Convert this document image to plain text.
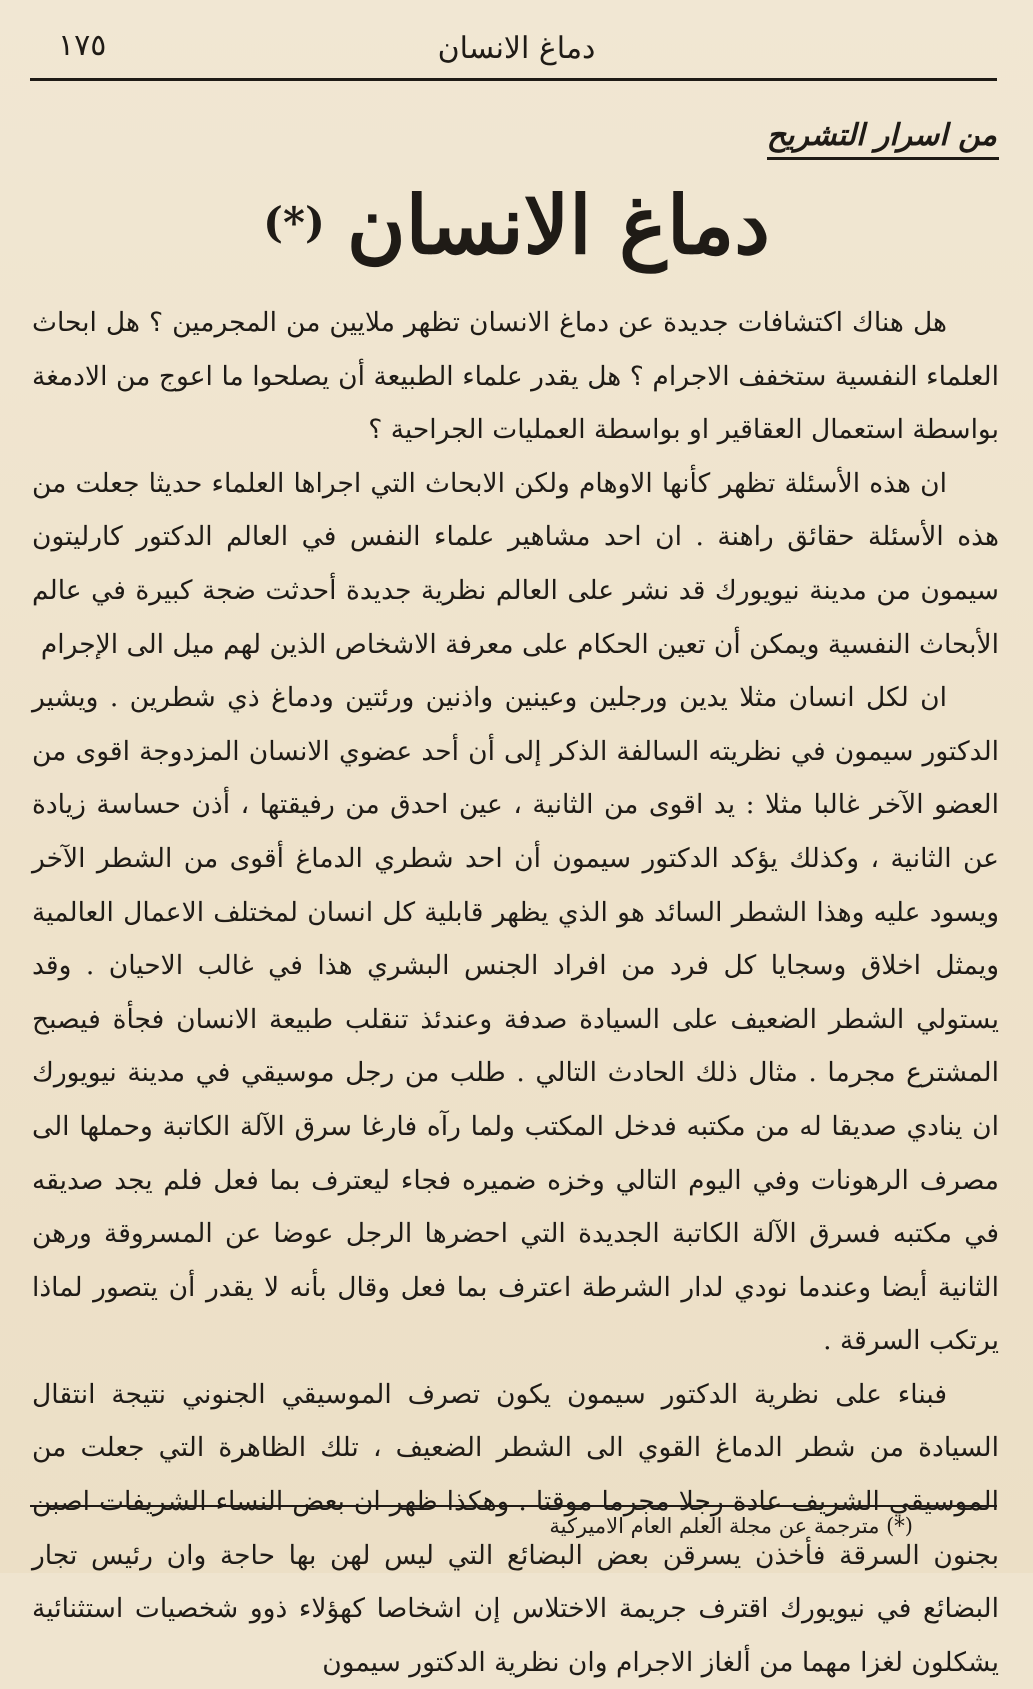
دماغ الانسان
١٧٥
من اسرار التشريح
دماغ الانسان(*)

هل هناك اكتشافات جديدة عن دماغ الانسان تظهر ملايين من المجرمين ؟ هل ابحاث العلماء النفسية ستخفف الاجرام ؟ هل يقدر علماء الطبيعة أن يصلحوا ما اعوج من الادمغة بواسطة استعمال العقاقير او بواسطة العمليات الجراحية ؟

ان هذه الأسئلة تظهر كأنها الاوهام ولكن الابحاث التي اجراها العلماء حديثا جعلت من هذه الأسئلة حقائق راهنة . ان احد مشاهير علماء النفس في العالم الدكتور كارليتون سيمون من مدينة نيويورك قد نشر على العالم نظرية جديدة أحدثت ضجة كبيرة في عالم الأبحاث النفسية ويمكن أن تعين الحكام على معرفة الاشخاص الذين لهم ميل الى الإجرام

ان لكل انسان مثلا يدين ورجلين وعينين واذنين ورئتين ودماغ ذي شطرين . ويشير الدكتور سيمون في نظريته السالفة الذكر إلى أن أحد عضوي الانسان المزدوجة اقوى من العضو الآخر غالبا مثلا : يد اقوى من الثانية ، عين احدق من رفيقتها ، أذن حساسة زيادة عن الثانية ، وكذلك يؤكد الدكتور سيمون أن احد شطري الدماغ أقوى من الشطر الآخر ويسود عليه وهذا الشطر السائد هو الذي يظهر قابلية كل انسان لمختلف الاعمال العالمية ويمثل اخلاق وسجايا كل فرد من افراد الجنس البشري هذا في غالب الاحيان . وقد يستولي الشطر الضعيف على السيادة صدفة وعندئذ تنقلب طبيعة الانسان فجأة فيصبح المشترع مجرما . مثال ذلك الحادث التالي . طلب من رجل موسيقي في مدينة نيويورك ان ينادي صديقا له من مكتبه فدخل المكتب ولما رآه فارغا سرق الآلة الكاتبة وحملها الى مصرف الرهونات وفي اليوم التالي وخزه ضميره فجاء ليعترف بما فعل فلم يجد صديقه في مكتبه فسرق الآلة الكاتبة الجديدة التي احضرها الرجل عوضا عن المسروقة ورهن الثانية أيضا وعندما نودي لدار الشرطة اعترف بما فعل وقال بأنه لا يقدر أن يتصور لماذا يرتكب السرقة .

فبناء على نظرية الدكتور سيمون يكون تصرف الموسيقي الجنوني نتيجة انتقال السيادة من شطر الدماغ القوي الى الشطر الضعيف ، تلك الظاهرة التي جعلت من الموسيقي الشريف عادة رجلا مجرما موقتا . وهكذا ظهر ان بعض النساء الشريفات اصبن بجنون السرقة فأخذن يسرقن بعض البضائع التي ليس لهن بها حاجة وان رئيس تجار البضائع في نيويورك اقترف جريمة الاختلاس إن اشخاصا كهؤلاء ذوو شخصيات استثنائية يشكلون لغزا مهما من ألغاز الاجرام وان نظرية الدكتور سيمون

(*) مترجمة عن مجلة العلم العام الاميركية
